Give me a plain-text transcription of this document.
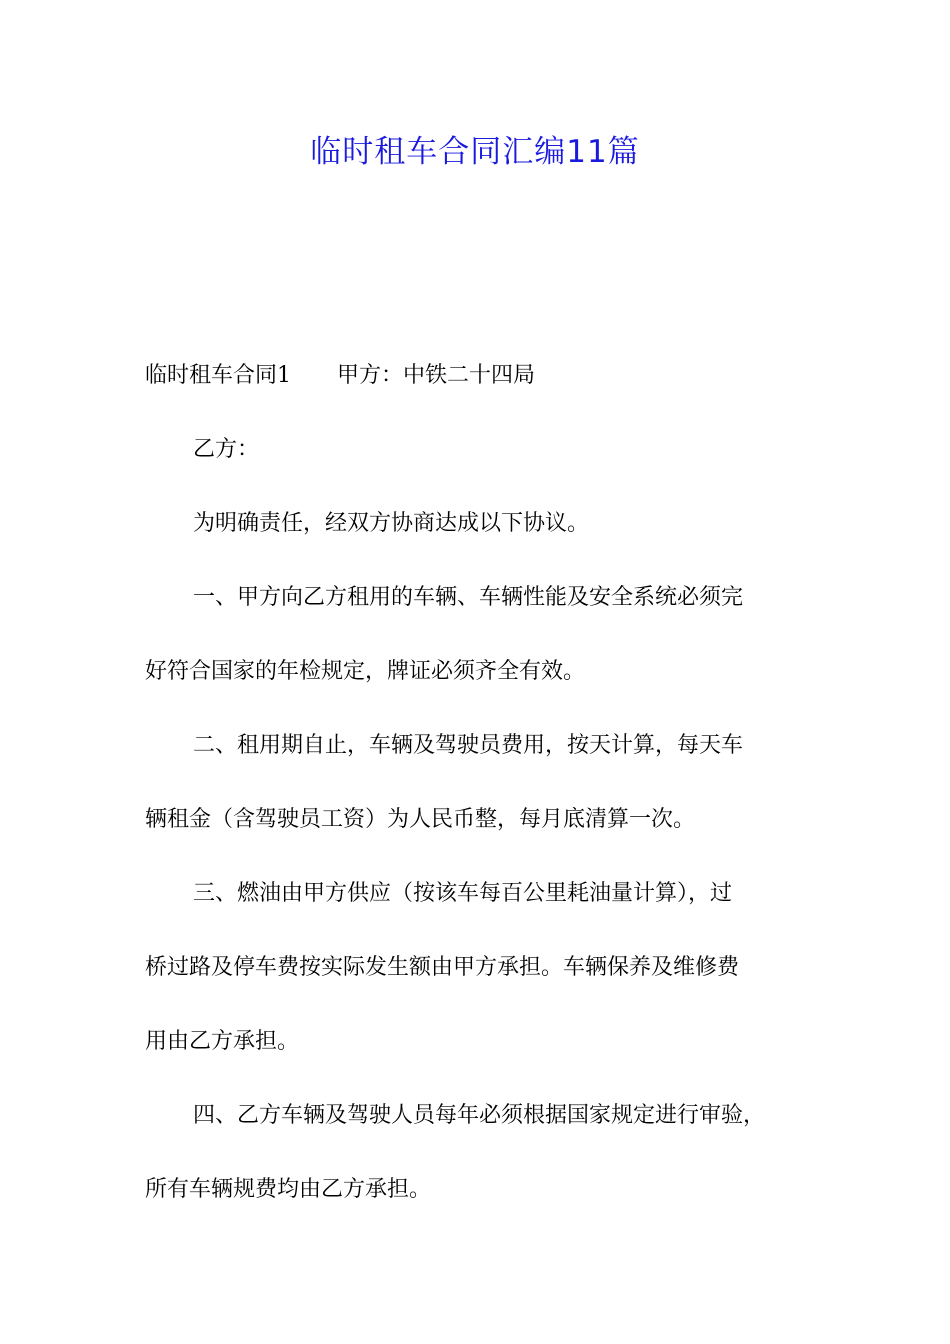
临时租车合同汇编11篇
临时租车合同1 甲方：中铁二十四局
乙方：
为明确责任，经双方协商达成以下协议。
一、甲方向乙方租用的车辆、车辆性能及安全系统必须完
好符合国家的年检规定，牌证必须齐全有效。
二、租用期自止，车辆及驾驶员费用，按天计算，每天车
辆租金（含驾驶员工资）为人民币整，每月底清算一次。
三、燃油由甲方供应（按该车每百公里耗油量计算），过
桥过路及停车费按实际发生额由甲方承担。车辆保养及维修费
用由乙方承担。
四、乙方车辆及驾驶人员每年必须根据国家规定进行审验，
所有车辆规费均由乙方承担。
